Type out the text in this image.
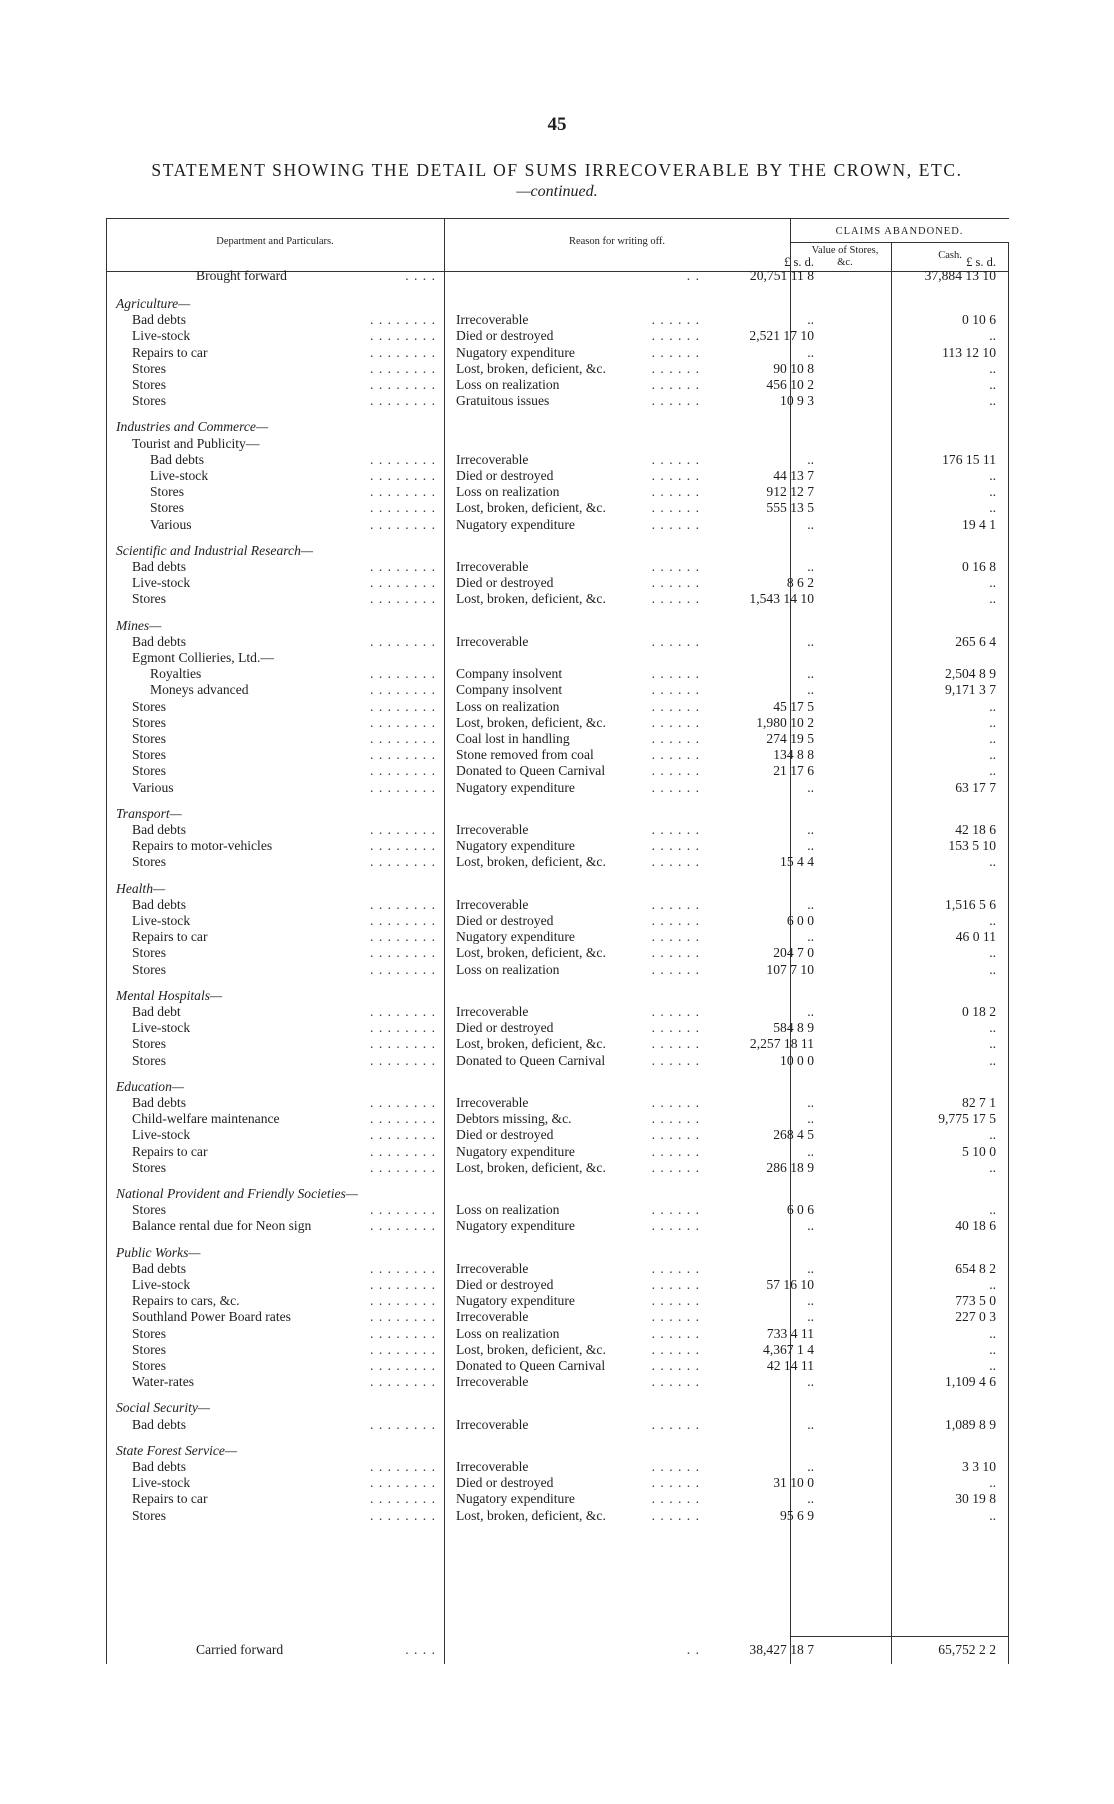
45
STATEMENT SHOWING THE DETAIL OF SUMS IRRECOVERABLE BY THE CROWN, ETC.
—continued.
Department and Particulars.	Reason for writing off.
CLAIMS ABANDONED.
Value of Stores, &c.
Cash.
£ s. d.	£ s. d.
Brought forward	. . . .	. .	20,751 11 8	37,884 13 10
Agriculture—
Bad debts	. . . . . . . . Irrecoverable	. . . . . .	..	0 10 6
Live-stock	. . . . . . . . Died or destroyed	. . . . . .	2,521 17 10	..
Repairs to car	. . . . . . . . Nugatory expenditure	. . . . . .	..	113 12 10
Stores	. . . . . . . . Lost, broken, deficient, &c.	. . . . . .	90 10 8	..
Stores	. . . . . . . . Loss on realization	. . . . . .	456 10 2	..
Stores	. . . . . . . . Gratuitous issues	. . . . . .	10 9 3	..
Industries and Commerce—
Tourist and Publicity—
Bad debts	. . . . . . . . Irrecoverable	. . . . . .	..	176 15 11
Live-stock	. . . . . . . . Died or destroyed	. . . . . .	44 13 7	..
Stores	. . . . . . . . Loss on realization	. . . . . .	912 12 7	..
Stores	. . . . . . . . Lost, broken, deficient, &c.	. . . . . .	555 13 5	..
Various	. . . . . . . . Nugatory expenditure	. . . . . .	..	19 4 1
Scientific and Industrial Research—
Bad debts	. . . . . . . . Irrecoverable	. . . . . .	..	0 16 8
Live-stock	. . . . . . . . Died or destroyed	. . . . . .	8 6 2	..
Stores	. . . . . . . . Lost, broken, deficient, &c.	. . . . . .	1,543 14 10	..
Mines—
Bad debts	. . . . . . . . Irrecoverable	. . . . . .	..	265 6 4
Egmont Collieries, Ltd.—
Royalties	. . . . . . . . Company insolvent	. . . . . .	..	2,504 8 9
Moneys advanced	. . . . . . . . Company insolvent	. . . . . .	..	9,171 3 7
Stores	. . . . . . . . Loss on realization	. . . . . .	45 17 5	..
Stores	. . . . . . . . Lost, broken, deficient, &c.	. . . . . .	1,980 10 2	..
Stores	. . . . . . . . Coal lost in handling	. . . . . .	274 19 5	..
Stores	. . . . . . . . Stone removed from coal	. . . . . .	134 8 8	..
Stores	. . . . . . . . Donated to Queen Carnival	. . . . . .	21 17 6	..
Various	. . . . . . . . Nugatory expenditure	. . . . . .	..	63 17 7
Transport—
Bad debts	. . . . . . . . Irrecoverable	. . . . . .	..	42 18 6
Repairs to motor-vehicles	. . . . . . . . Nugatory expenditure	. . . . . .	..	153 5 10
Stores	. . . . . . . . Lost, broken, deficient, &c.	. . . . . .	15 4 4	..
Health—
Bad debts	. . . . . . . . Irrecoverable	. . . . . .	..	1,516 5 6
Live-stock	. . . . . . . . Died or destroyed	. . . . . .	6 0 0	..
Repairs to car	. . . . . . . . Nugatory expenditure	. . . . . .	..	46 0 11
Stores	. . . . . . . . Lost, broken, deficient, &c.	. . . . . .	204 7 0	..
Stores	. . . . . . . . Loss on realization	. . . . . .	107 7 10	..
Mental Hospitals—
Bad debt	. . . . . . . . Irrecoverable	. . . . . .	..	0 18 2
Live-stock	. . . . . . . . Died or destroyed	. . . . . .	584 8 9	..
Stores	. . . . . . . . Lost, broken, deficient, &c.	. . . . . .	2,257 18 11	..
Stores	. . . . . . . . Donated to Queen Carnival	. . . . . .	10 0 0	..
Education—
Bad debts	. . . . . . . . Irrecoverable	. . . . . .	..	82 7 1
Child-welfare maintenance	. . . . . . . . Debtors missing, &c.	. . . . . .	..	9,775 17 5
Live-stock	. . . . . . . . Died or destroyed	. . . . . .	268 4 5	..
Repairs to car	. . . . . . . . Nugatory expenditure	. . . . . .	..	5 10 0
Stores	. . . . . . . . Lost, broken, deficient, &c.	. . . . . .	286 18 9	..
National Provident and Friendly Societies—
Stores	. . . . . . . . Loss on realization	. . . . . .	6 0 6	..
Balance rental due for Neon sign	. . . . . . . . Nugatory expenditure	. . . . . .	..	40 18 6
Public Works—
Bad debts	. . . . . . . . Irrecoverable	. . . . . .	..	654 8 2
Live-stock	. . . . . . . . Died or destroyed	. . . . . .	57 16 10	..
Repairs to cars, &c.	. . . . . . . . Nugatory expenditure	. . . . . .	..	773 5 0
Southland Power Board rates	. . . . . . . . Irrecoverable	. . . . . .	..	227 0 3
Stores	. . . . . . . . Loss on realization	. . . . . .	733 4 11	..
Stores	. . . . . . . . Lost, broken, deficient, &c.	. . . . . .	4,367 1 4	..
Stores	. . . . . . . . Donated to Queen Carnival	. . . . . .	42 14 11	..
Water-rates	. . . . . . . . Irrecoverable	. . . . . .	..	1,109 4 6
Social Security—
Bad debts	. . . . . . . . Irrecoverable	. . . . . .	..	1,089 8 9
State Forest Service—
Bad debts	. . . . . . . . Irrecoverable	. . . . . .	..	3 3 10
Live-stock	. . . . . . . . Died or destroyed	. . . . . .	31 10 0	..
Repairs to car	. . . . . . . . Nugatory expenditure	. . . . . .	..	30 19 8
Stores	. . . . . . . . Lost, broken, deficient, &c.	. . . . . .	95 6 9	..
Carried forward	. . . .	. .	38,427 18 7	65,752 2 2
